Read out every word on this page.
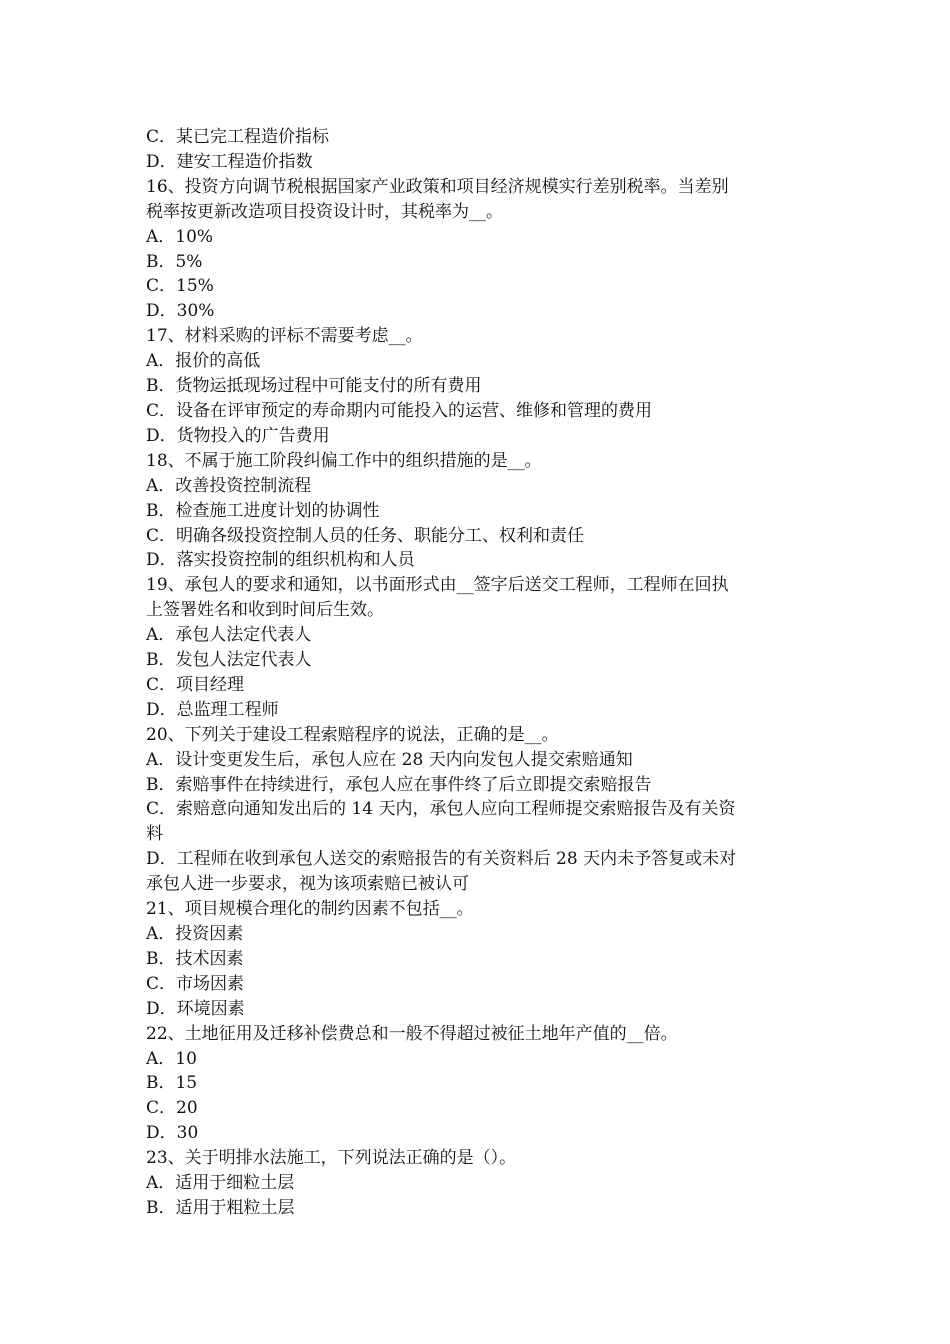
C．某已完工程造价指标
D．建安工程造价指数
16、投资方向调节税根据国家产业政策和项目经济规模实行差别税率。当差别
税率按更新改造项目投资设计时，其税率为__。
A．10%
B．5%
C．15%
D．30%
17、材料采购的评标不需要考虑__。
A．报价的高低
B．货物运抵现场过程中可能支付的所有费用
C．设备在评审预定的寿命期内可能投入的运营、维修和管理的费用
D．货物投入的广告费用
18、不属于施工阶段纠偏工作中的组织措施的是__。
A．改善投资控制流程
B．检查施工进度计划的协调性
C．明确各级投资控制人员的任务、职能分工、权利和责任
D．落实投资控制的组织机构和人员
19、承包人的要求和通知，以书面形式由__签字后送交工程师，工程师在回执
上签署姓名和收到时间后生效。
A．承包人法定代表人
B．发包人法定代表人
C．项目经理
D．总监理工程师
20、下列关于建设工程索赔程序的说法，正确的是__。
A．设计变更发生后，承包人应在 28 天内向发包人提交索赔通知
B．索赔事件在持续进行，承包人应在事件终了后立即提交索赔报告
C．索赔意向通知发出后的 14 天内，承包人应向工程师提交索赔报告及有关资
料
D．工程师在收到承包人送交的索赔报告的有关资料后 28 天内未予答复或未对
承包人进一步要求，视为该项索赔已被认可
21、项目规模合理化的制约因素不包括__。
A．投资因素
B．技术因素
C．市场因素
D．环境因素
22、土地征用及迁移补偿费总和一般不得超过被征土地年产值的__倍。
A．10
B．15
C．20
D．30
23、关于明排水法施工，下列说法正确的是（）。
A．适用于细粒土层
B．适用于粗粒土层
